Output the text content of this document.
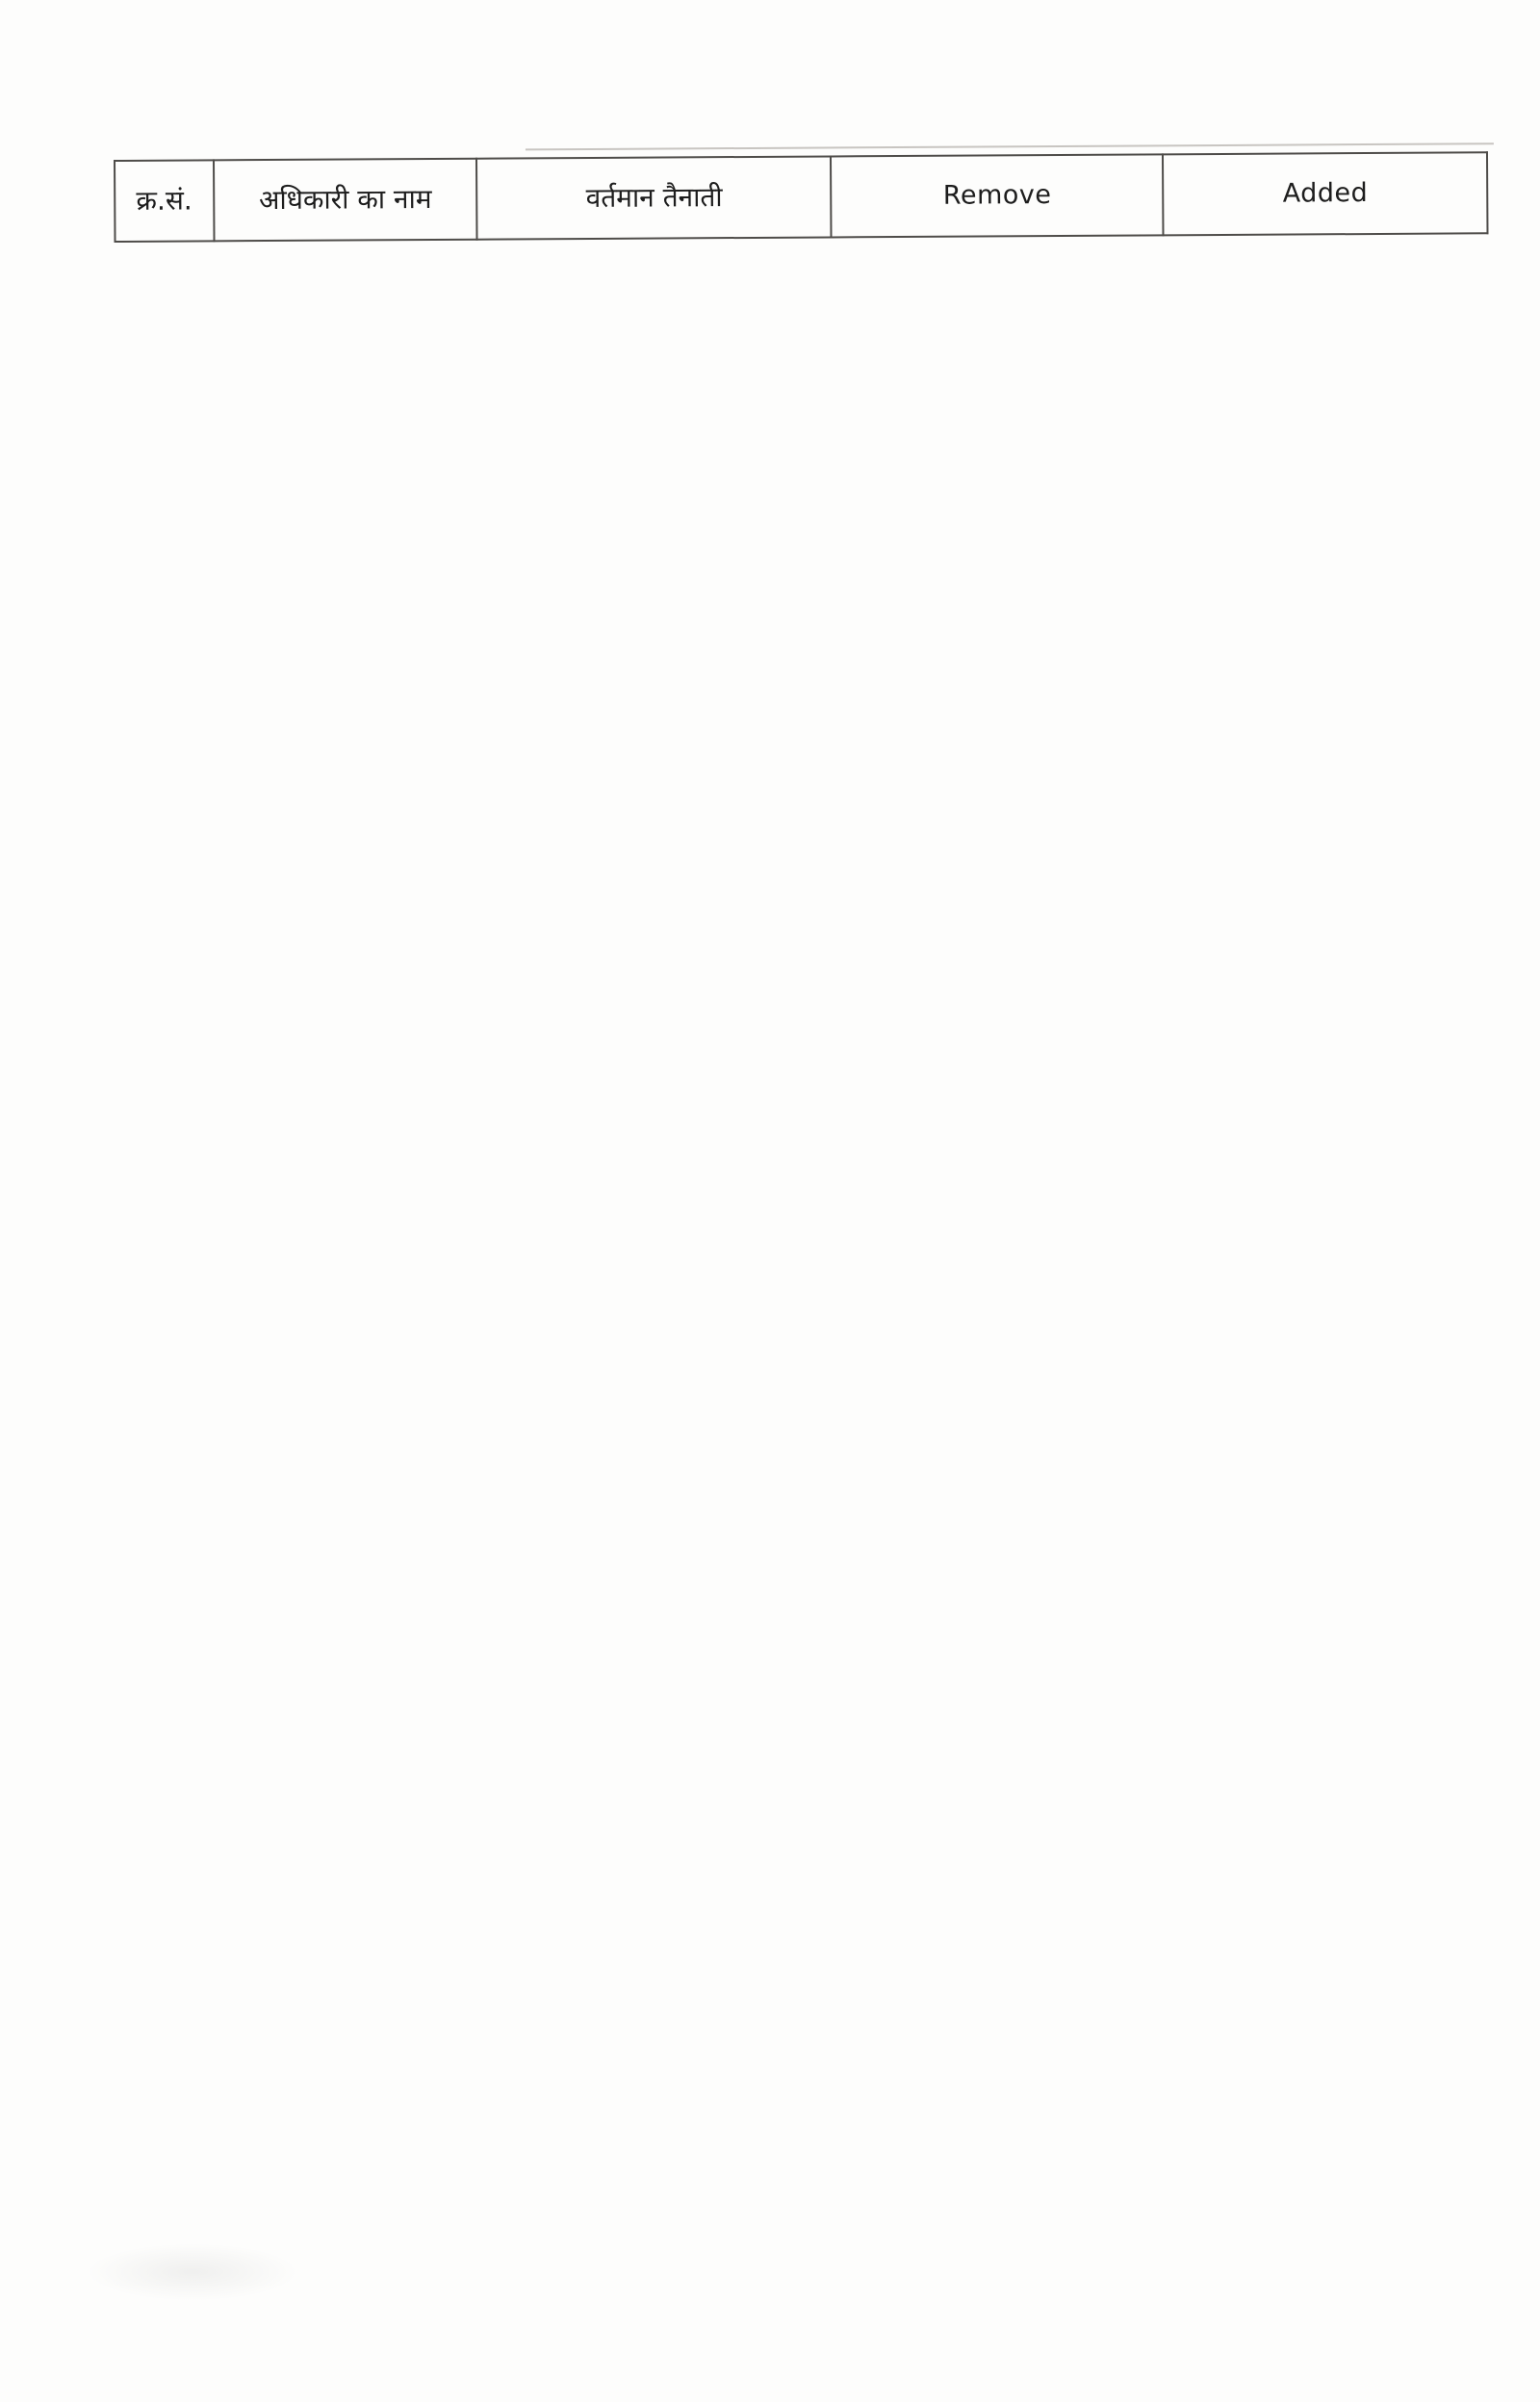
क्र.सं.	अधिकारी का नाम	वर्तमान तैनाती	Remove	Added
